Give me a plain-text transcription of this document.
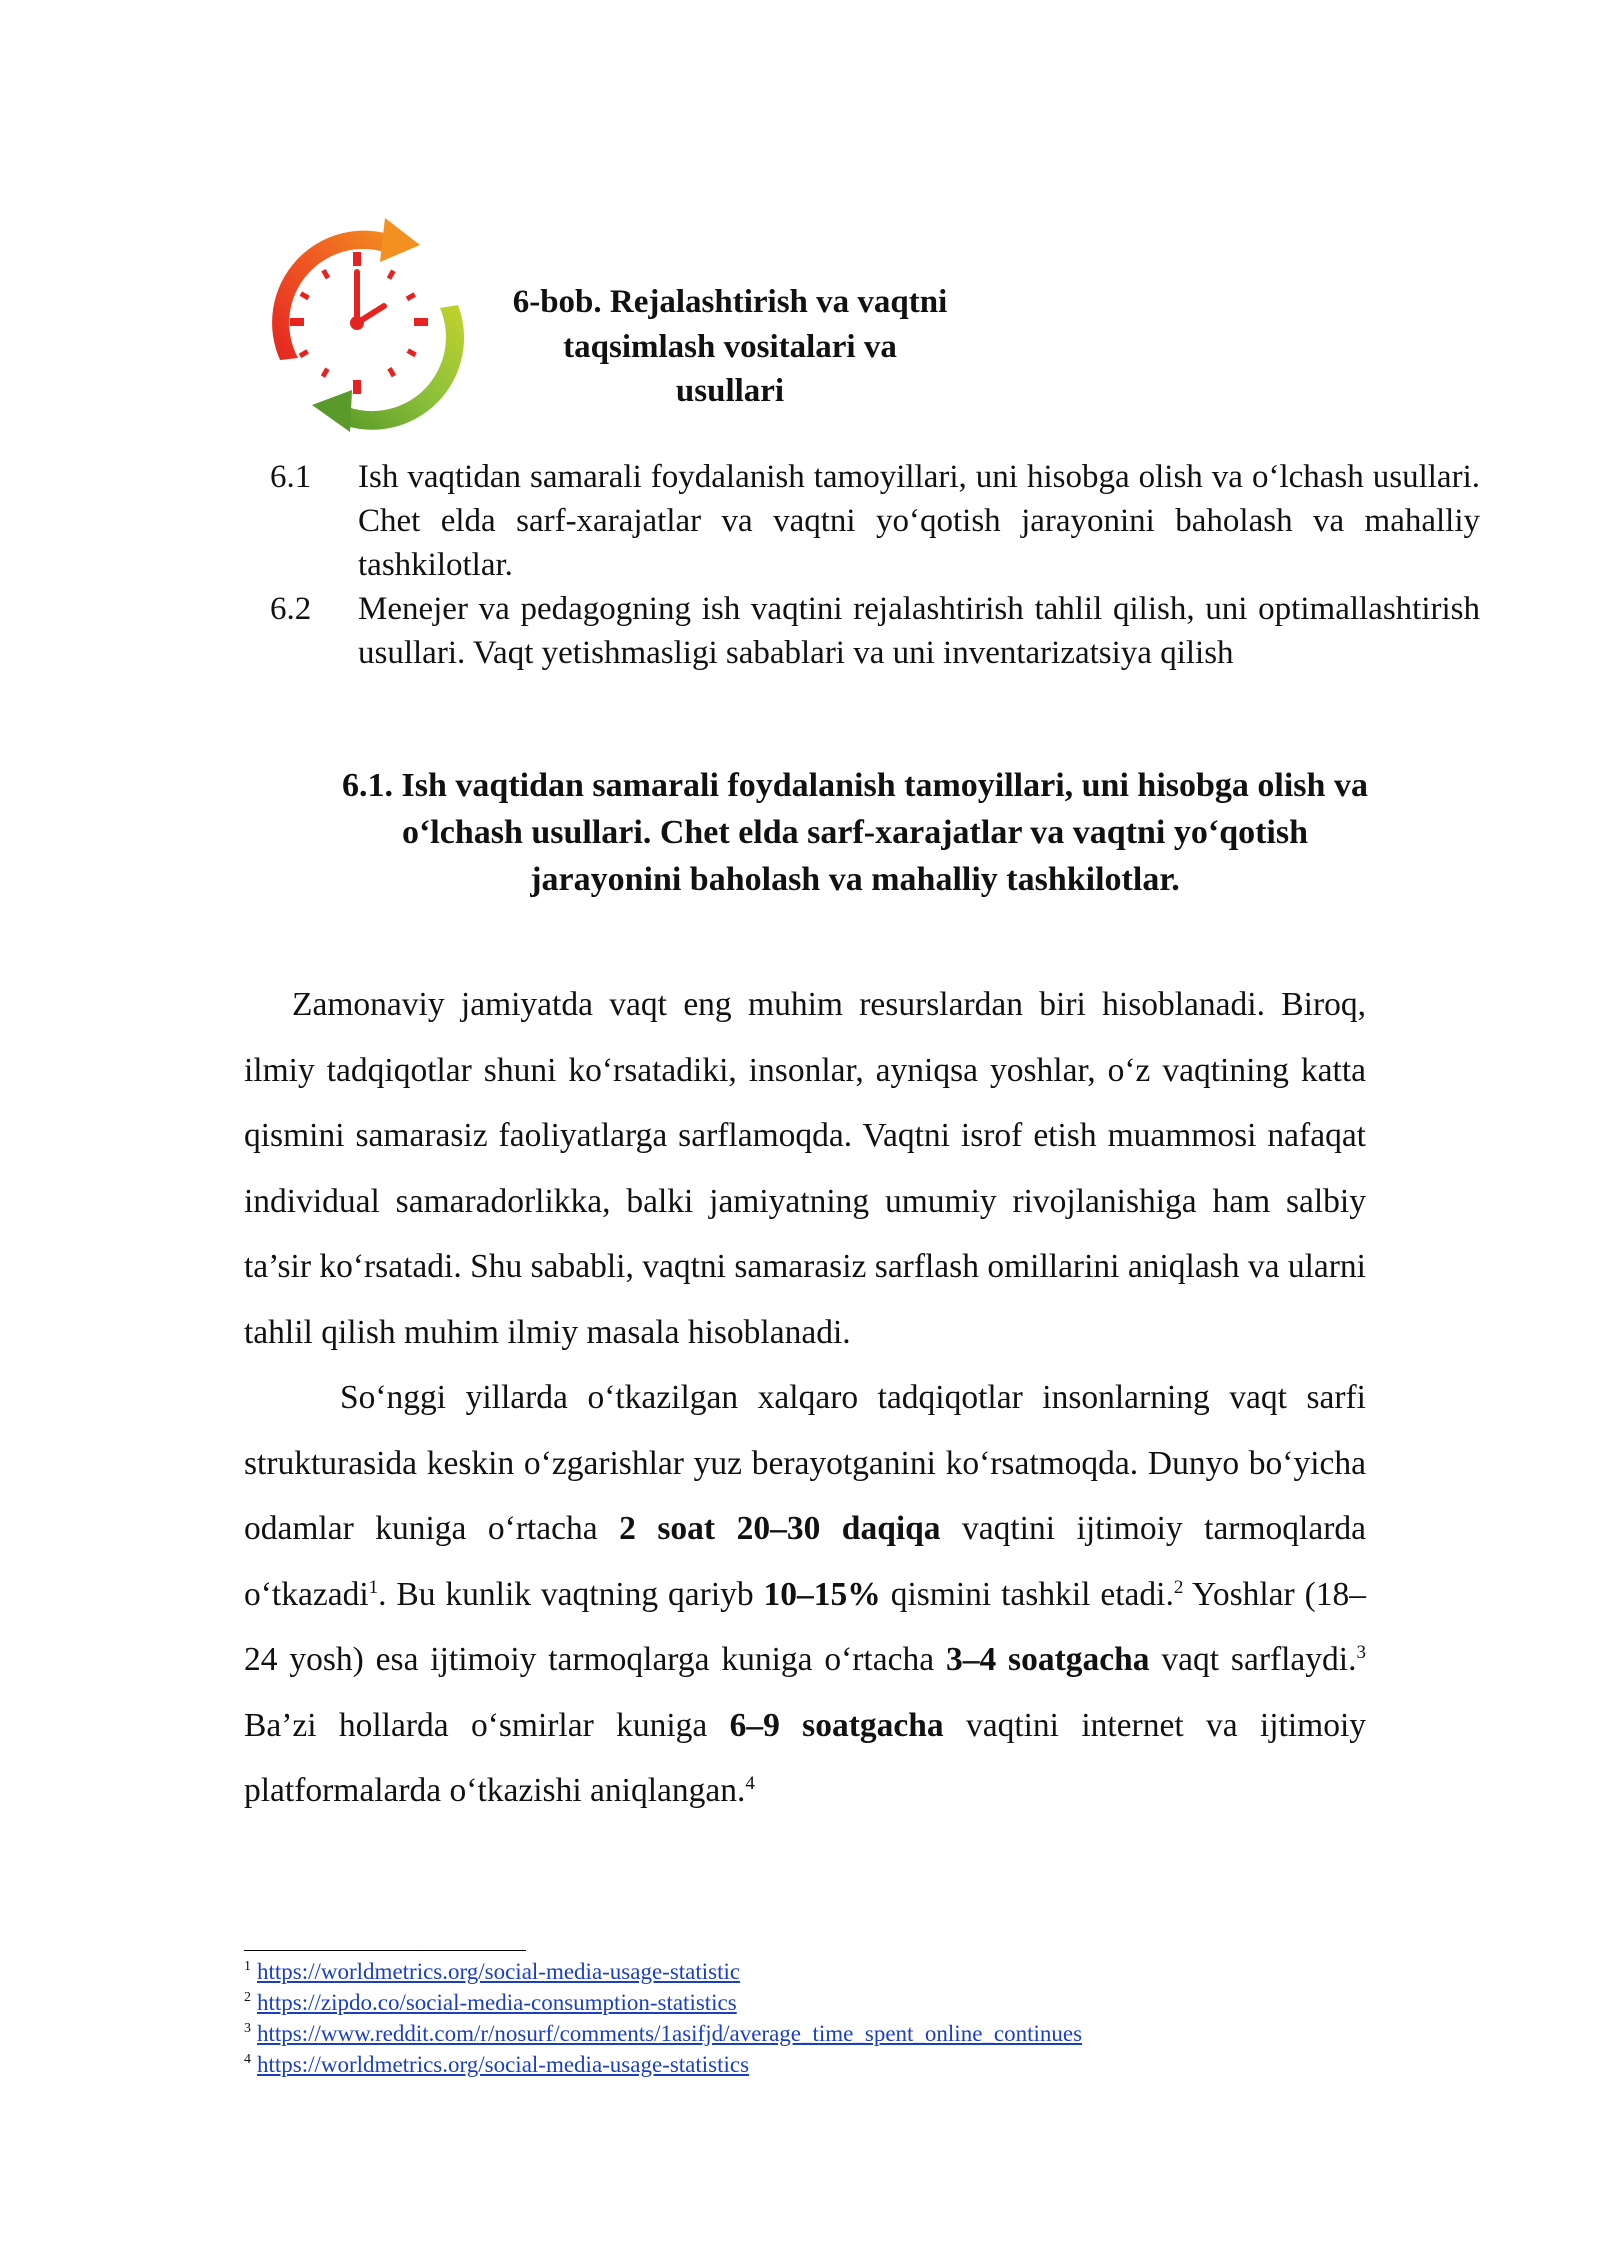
6-bob. Rejalashtirish va vaqtni taqsimlash vositalari va usullari
6.1	Ish vaqtidan samarali foydalanish tamoyillari, uni hisobga olish va o‘lchash usullari. Chet elda sarf-xarajatlar va vaqtni yo‘qotish jarayonini baholash va mahalliy tashkilotlar.
6.2	Menejer va pedagogning ish vaqtini rejalashtirish tahlil qilish, uni optimallashtirish usullari. Vaqt yetishmasligi sabablari va uni inventarizatsiya qilish
6.1. Ish vaqtidan samarali foydalanish tamoyillari, uni hisobga olish va o‘lchash usullari. Chet elda sarf-xarajatlar va vaqtni yo‘qotish jarayonini baholash va mahalliy tashkilotlar.

Zamonaviy jamiyatda vaqt eng muhim resurslardan biri hisoblanadi. Biroq, ilmiy tadqiqotlar shuni ko‘rsatadiki, insonlar, ayniqsa yoshlar, o‘z vaqtining katta qismini samarasiz faoliyatlarga sarflamoqda. Vaqtni isrof etish muammosi nafaqat individual samaradorlikka, balki jamiyatning umumiy rivojlanishiga ham salbiy ta’sir ko‘rsatadi. Shu sababli, vaqtni samarasiz sarflash omillarini aniqlash va ularni tahlil qilish muhim ilmiy masala hisoblanadi.

So‘nggi yillarda o‘tkazilgan xalqaro tadqiqotlar insonlarning vaqt sarfi strukturasida keskin o‘zgarishlar yuz berayotganini ko‘rsatmoqda. Dunyo bo‘yicha odamlar kuniga o‘rtacha 2 soat 20–30 daqiqa vaqtini ijtimoiy tarmoqlarda o‘tkazadi$^1$. Bu kunlik vaqtning qariyb 10–15% qismini tashkil etadi.$^2$ Yoshlar (18–24 yosh) esa ijtimoiy tarmoqlarga kuniga o‘rtacha 3–4 soatgacha vaqt sarflaydi.$^3$ Ba’zi hollarda o‘smirlar kuniga 6–9 soatgacha vaqtini internet va ijtimoiy platformalarda o‘tkazishi aniqlangan.$^4$

$^1$ https://worldmetrics.org/social-media-usage-statistic
$^2$ https://zipdo.co/social-media-consumption-statistics
$^3$ https://www.reddit.com/r/nosurf/comments/1asifjd/average_time_spent_online_continues
$^4$ https://worldmetrics.org/social-media-usage-statistics
